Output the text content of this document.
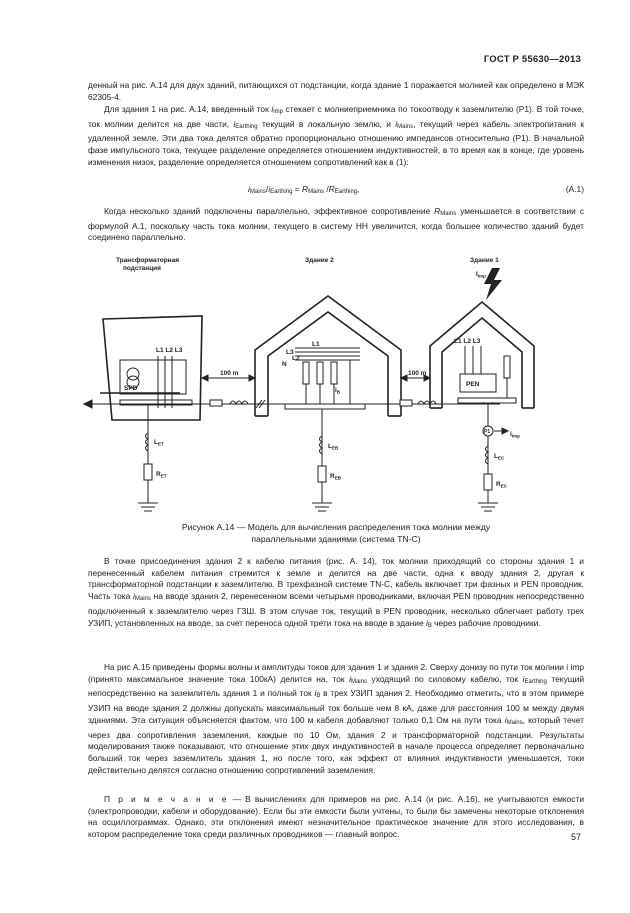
ГОСТ Р 55630—2013

денный на рис. А.14 для двух зданий, питающихся от подстанции, когда здание 1 поражается молнией как определено в МЭК 62305-4.

Для здания 1 на рис. А.14, введенный ток $i_{imp}$ стекает с молниеприемника по токоотводу к заземлителю (Р1). В той точке, ток молнии делится на две части, $i_{Earthing}$ текущий в локальную землю, и $i_{Mains}$, текущий через кабель электропитания к удаленной земле. Эти два тока делятся обратно пропорционально отношению импедансов относительно (Р1). В начальной фазе импульсного тока, текущее разделение определяется отношением индуктивностей, в то время как в конце, где уровень изменения низок, разделение определяется отношением сопротивлений как в (1):

$i_{Mains}/i_{Earthing} = R_{Mains}$ $/R_{Earthing}$,	(А.1)

Когда несколько зданий подключены параллельно, эффективное сопротивление $R_{Mains}$ уменьшается в соответствии с формулой А.1, поскольку часть тока молнии, текущего в систему НН увеличится, когда большее количество зданий будет соединено параллельно.

Трансформаторная
подстанция
Здание 2	Здание 1
$I_{imp}$
L1 L2 L3
SPD
L1
L3
L2
N
$i_B$
L1 L2 L3
PEN
100 m	100 m
$L_{ET}$
$R_{ET}$
$L_{EB}$
$R_{EB}$
$L_{EC}$
$R_{EC}$
P1	$i_{imp}$
Рисунок А.14 — Модель для вычисления распределения тока молнии между
параллельными зданиями (система TN-С)

В точке присоединения здания 2 к кабелю питания (рис. А. 14), ток молнии приходящий со стороны здания 1 и перенесенный кабелем питания стремится к земле и делится на две части, одна к вводу здания 2, другая к трансформаторной подстанции к заземлителю. В трехфазной системе TN-С, кабель включает три фазных и PEN проводник. Часть тока $i_{Mains}$ на вводе здания 2, перенесенном всеми четырьмя проводниками, включая PEN проводник непосредственно подключенный к заземлителю через ГЗШ. В этом случае ток, текущий в PEN проводник, несколько облегчает работу трех УЗИП, установленных на вводе, за счет переноса одной трети тока на вводе в здание $i_B$ через рабочие проводники.

На рис А.15 приведены формы волны и амплитуды токов для здания 1 и здания 2. Сверху донизу по пути ток молнии i imp (принято максимальное значение тока 100кА) делится на, ток $i_{Mains}$ уходящий по силовому кабелю, ток $i_{Earthing}$ текущий непосредственно на заземлитель здания 1 и полный ток $i_B$ в трех УЗИП здания 2. Необходимо отметить, что в этом примере УЗИП на вводе здания 2 должны допускать максимальный ток больше чем 8 кА, даже для расстояния 100 м между двумя зданиями. Эта ситуация объясняется фактом, что 100 м кабеля добавляют только 0,1 Ом на пути тока $i_{Mains}$, который течет через два сопротивления заземления, каждые по 10 Ом, здания 2 и трансформаторной подстанции. Результаты моделирования также показывают, что отношение этих двух индуктивностей в начале процесса определяет первоначально больший ток через заземлитель здания 1, но после того, как эффект от влияния индуктивности уменьшается, токи действительно делятся согласно отношению сопротивлений заземления.

П р и м е ч а н и е — В вычислениях для примеров на рис. А.14 (и рис. А.16), не учитываются емкости (электропроводки, кабели и оборудование). Если бы эти емкости были учтены, то были бы замечены некоторые отклонения на осциллограммах. Однако, эти отклонения имеют незначительное практическое значение для этого исследования, в котором распределение тока среди различных проводников — главный вопрос.	57
